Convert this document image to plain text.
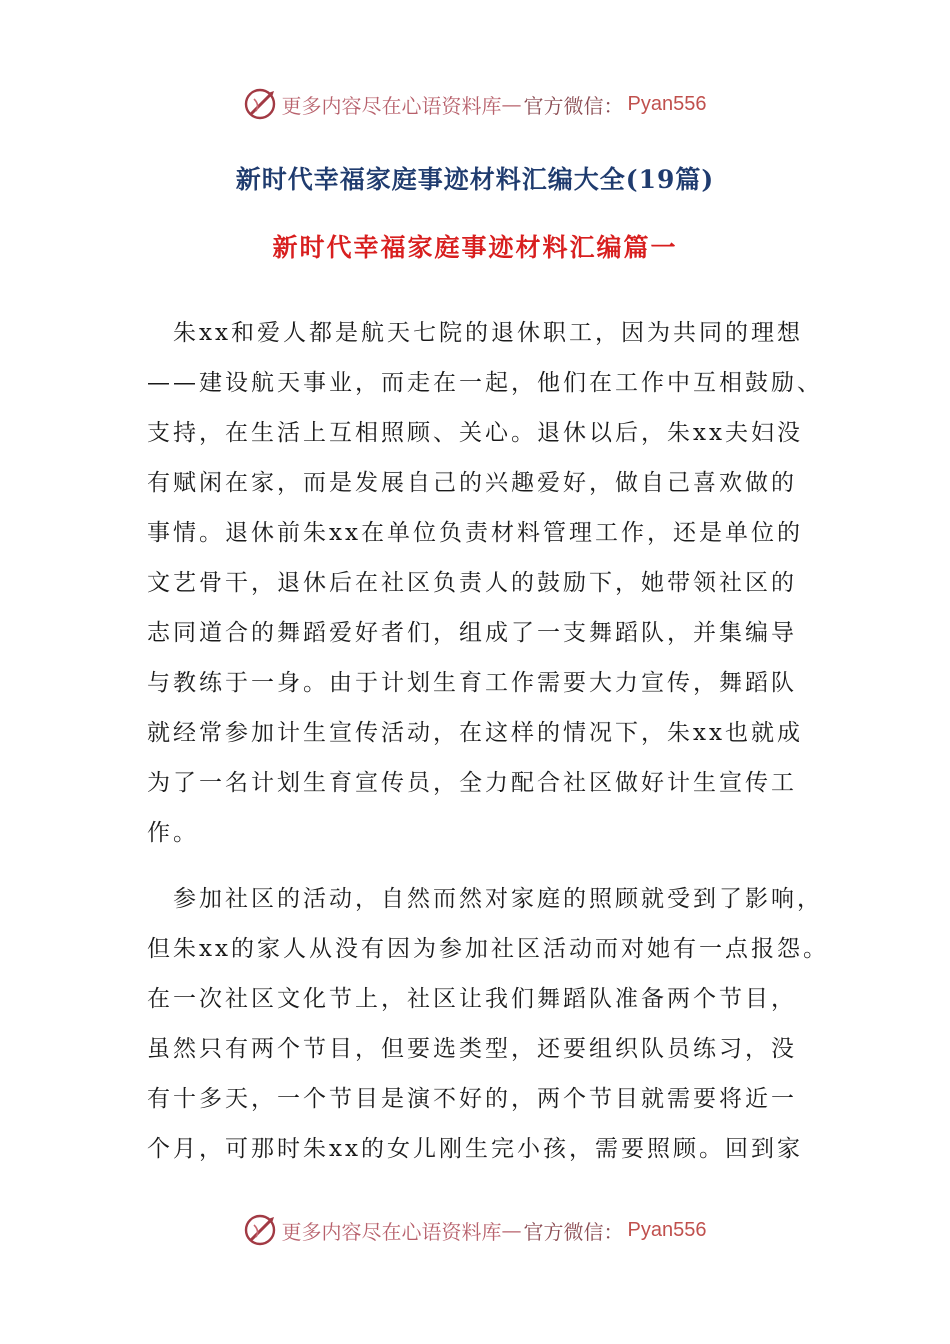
更多内容尽在心语资料库 — 官方微信： Pyan556
新时代幸福家庭事迹材料汇编大全(19篇)
新时代幸福家庭事迹材料汇编篇一
　朱xx和爱人都是航天七院的退休职工，因为共同的理想
——建设航天事业，而走在一起，他们在工作中互相鼓励、
支持，在生活上互相照顾、关心。退休以后，朱xx夫妇没
有赋闲在家，而是发展自己的兴趣爱好，做自己喜欢做的
事情。退休前朱xx在单位负责材料管理工作，还是单位的
文艺骨干，退休后在社区负责人的鼓励下，她带领社区的
志同道合的舞蹈爱好者们，组成了一支舞蹈队，并集编导
与教练于一身。由于计划生育工作需要大力宣传，舞蹈队
就经常参加计生宣传活动，在这样的情况下，朱xx也就成
为了一名计划生育宣传员，全力配合社区做好计生宣传工
作。
　参加社区的活动，自然而然对家庭的照顾就受到了影响，
但朱xx的家人从没有因为参加社区活动而对她有一点报怨。
在一次社区文化节上，社区让我们舞蹈队准备两个节目，
虽然只有两个节目，但要选类型，还要组织队员练习，没
有十多天，一个节目是演不好的，两个节目就需要将近一
个月，可那时朱xx的女儿刚生完小孩，需要照顾。回到家
更多内容尽在心语资料库 — 官方微信： Pyan556
